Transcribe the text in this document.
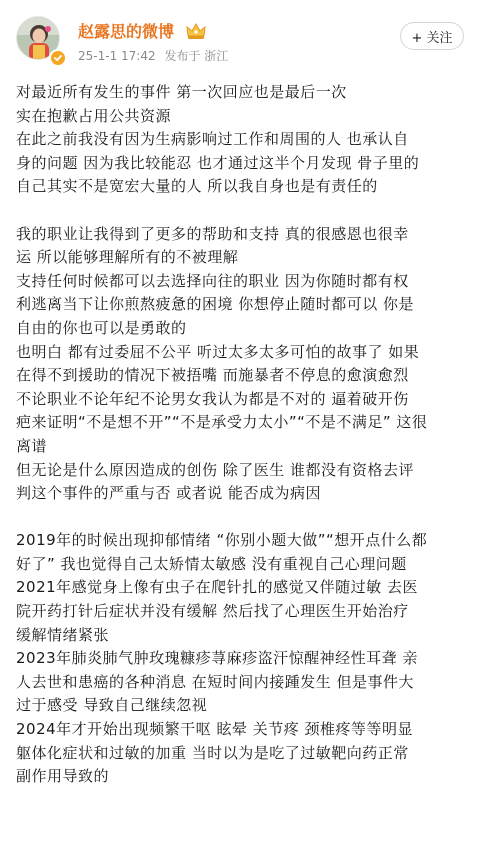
赵露思的微博
25-1-1 17:42 发布于 浙江
+ 关注
对最近所有发生的事件 第一次回应也是最后一次
实在抱歉占用公共资源
在此之前我没有因为生病影响过工作和周围的人 也承认自
身的问题 因为我比较能忍 也才通过这半个月发现 骨子里的
自己其实不是宽宏大量的人 所以我自身也是有责任的
我的职业让我得到了更多的帮助和支持 真的很感恩也很幸
运 所以能够理解所有的不被理解
支持任何时候都可以去选择向往的职业 因为你随时都有权
利逃离当下让你煎熬疲惫的困境 你想停止随时都可以 你是
自由的你也可以是勇敢的
也明白 都有过委屈不公平 听过太多太多可怕的故事了 如果
在得不到援助的情况下被捂嘴 而施暴者不停息的愈演愈烈
不论职业不论年纪不论男女我认为都是不对的 逼着破开伤
疤来证明“不是想不开”“不是承受力太小”“不是不满足” 这很
离谱
但无论是什么原因造成的创伤 除了医生 谁都没有资格去评
判这个事件的严重与否 或者说 能否成为病因
2019年的时候出现抑郁情绪 “你别小题大做”“想开点什么都
好了” 我也觉得自己太矫情太敏感 没有重视自己心理问题
2021年感觉身上像有虫子在爬针扎的感觉又伴随过敏 去医
院开药打针后症状并没有缓解 然后找了心理医生开始治疗
缓解情绪紧张
2023年肺炎肺气肿玫瑰糠疹荨麻疹盗汗惊醒神经性耳聋 亲
人去世和患癌的各种消息 在短时间内接踵发生 但是事件大
过于感受 导致自己继续忽视
2024年才开始出现频繁干呕 眩晕 关节疼 颈椎疼等等明显
躯体化症状和过敏的加重 当时以为是吃了过敏靶向药正常
副作用导致的
